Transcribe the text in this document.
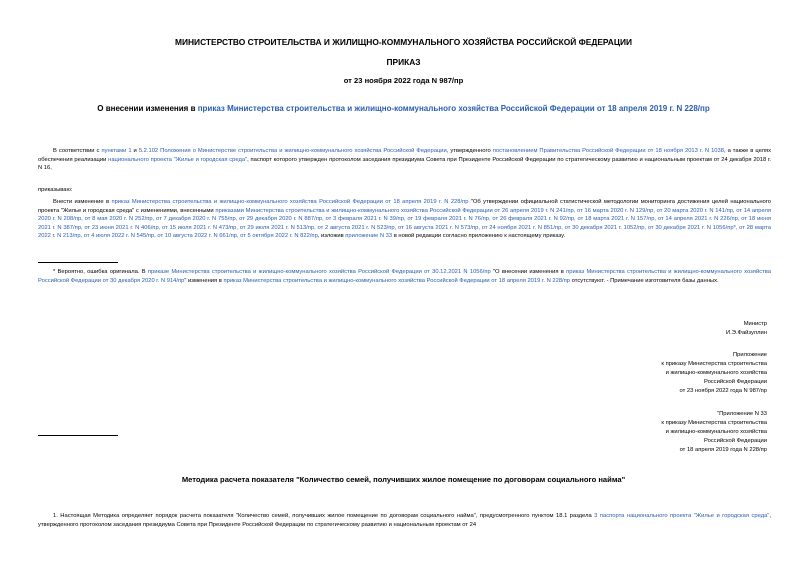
МИНИСТЕРСТВО СТРОИТЕЛЬСТВА И ЖИЛИЩНО-КОММУНАЛЬНОГО ХОЗЯЙСТВА РОССИЙСКОЙ ФЕДЕРАЦИИ
ПРИКАЗ
от 23 ноября 2022 года N 987/пр
О внесении изменения в приказ Министерства строительства и жилищно-коммунального хозяйства Российской Федерации от 18 апреля 2019 г. N 228/пр
В соответствии с пунктами 1 и 5.2.102 Положения о Министерстве строительства и жилищно-коммунального хозяйства Российской Федерации, утвержденного постановлением Правительства Российской Федерации от 18 ноября 2013 г. N 1038, а также в целях обеспечения реализации национального проекта "Жилье и городская среда", паспорт которого утвержден протоколом заседания президиума Совета при Президенте Российской Федерации по стратегическому развитию и национальным проектам от 24 декабря 2018 г. N 16,
приказываю:
Внести изменение в приказ Министерства строительства и жилищно-коммунального хозяйства Российской Федерации от 18 апреля 2019 г. N 228/пр "Об утверждении официальной статистической методологии мониторинга достижения целей национального проекта "Жилье и городская среда" с изменениями, внесенными приказами Министерства строительства и жилищно-коммунального хозяйства Российской Федерации от 26 апреля 2019 г. N 241/пр, от 16 марта 2020 г. N 129/пр, от 20 марта 2020 г. N 141/пр, от 14 апреля 2020 г. N 208/пр, от 8 мая 2020 г. N 252/пр, от 7 декабря 2020 г. N 755/пр, от 29 декабря 2020 г. N 887/пр, от 3 февраля 2021 г. N 39/пр, от 19 февраля 2021 г. N 76/пр, от 26 февраля 2021 г. N 92/пр, от 18 марта 2021 г. N 157/пр, от 14 апреля 2021 г. N 226/пр, от 18 июня 2021 г. N 387/пр, от 23 июня 2021 г. N 406/пр, от 15 июля 2021 г. N 473/пр, от 29 июля 2021 г. N 513/пр, от 2 августа 2021 г. N 523/пр, от 16 августа 2021 г. N 573/пр, от 24 ноября 2021 г. N 851/пр, от 30 декабря 2021 г. 1052/пр, от 30 декабря 2021 г. N 1056/пр*, от 28 марта 2022 г. N 213/пр, от 4 июля 2022 г. N 545/пр, от 10 августа 2022 г. N 661/пр, от 5 октября 2022 г. N 822/пр, изложив приложение N 33 в новой редакции согласно приложению к настоящему приказу.
* Вероятно, ошибка оригинала. В приказе Министерства строительства и жилищно-коммунального хозяйства Российской Федерации от 30.12.2021 N 1056/пр "О внесении изменения в приказ Министерства строительства и жилищно-коммунального хозяйства Российской Федерации от 30 декабря 2020 г. N 914/пр" изменения в приказ Министерства строительства и жилищно-коммунального хозяйства Российской Федерации от 18 апреля 2019 г. N 228/пр отсутствуют. - Примечание изготовителя базы данных.
Министр
И.Э.Файзуллин
Приложение
к приказу Министерства строительства
и жилищно-коммунального хозяйства
Российской Федерации
от 23 ноября 2022 года N 987/пр
"Приложение N 33
к приказу Министерства строительства
и жилищно-коммунального хозяйства
Российской Федерации
от 18 апреля 2019 года N 228/пр
Методика расчета показателя "Количество семей, получивших жилое помещение по договорам социального найма"
1. Настоящая Методика определяет порядок расчета показателя "Количество семей, получивших жилое помещение по договорам социального найма", предусмотренного пунктом 18.1 раздела 3 паспорта национального проекта "Жилье и городская среда", утвержденного протоколом заседания президиума Совета при Президенте Российской Федерации по стратегическому развитию и национальным проектам от 24
